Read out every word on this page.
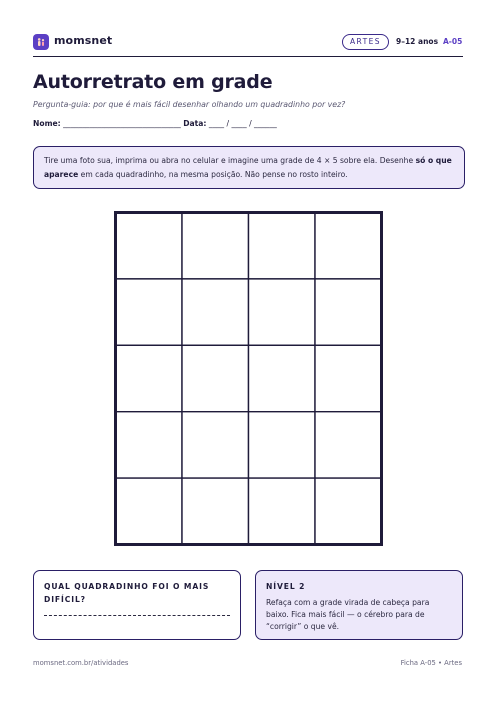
momsnet	ARTES	9–12 anos A-05
Autorretrato em grade
Pergunta-guia: por que é mais fácil desenhar olhando um quadradinho por vez?
Nome: _______________________________ Data: ____ / ____ / ______
Tire uma foto sua, imprima ou abra no celular e imagine uma grade de 4 × 5 sobre ela. Desenhe só o que aparece em cada quadradinho, na mesma posição. Não pense no rosto inteiro.
QUAL QUADRADINHO FOI O MAIS DIFÍCIL?
NÍVEL 2
Refaça com a grade virada de cabeça para baixo. Fica mais fácil — o cérebro para de “corrigir” o que vê.
momsnet.com.br/atividades	Ficha A-05 • Artes
